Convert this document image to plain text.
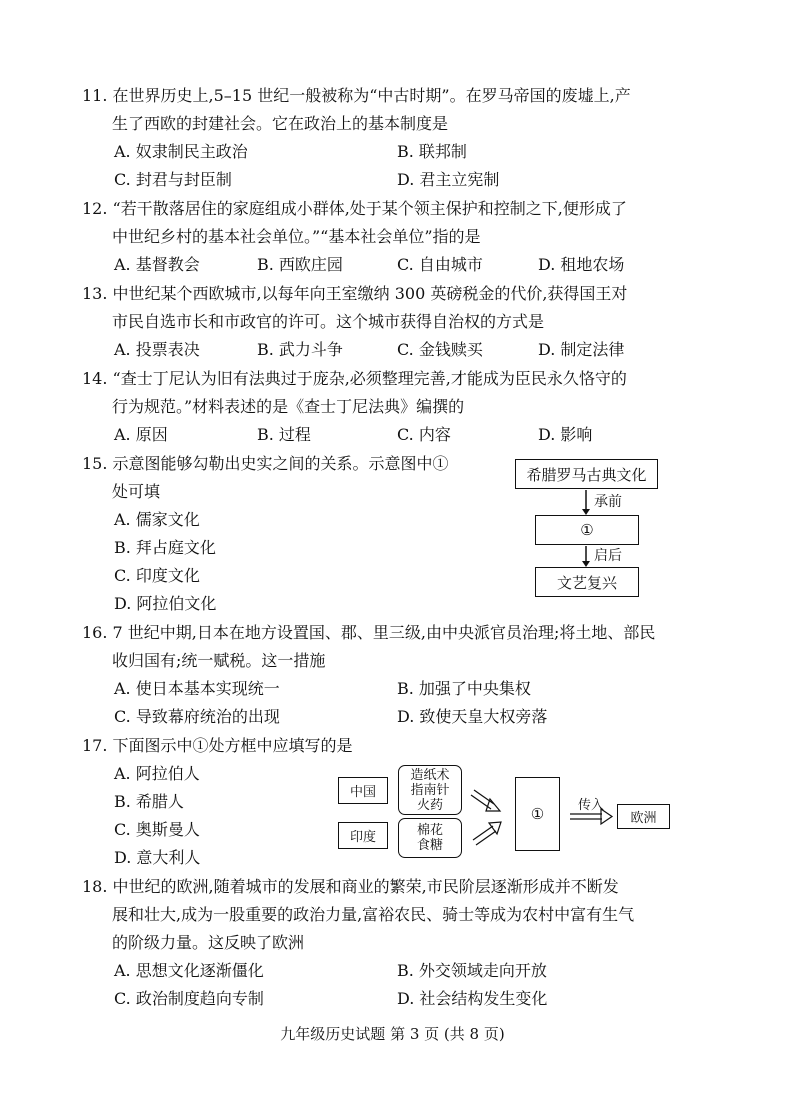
11. 在世界历史上,5–15 世纪一般被称为“中古时期”。在罗马帝国的废墟上,产
生了西欧的封建社会。它在政治上的基本制度是
A. 奴隶制民主政治	B. 联邦制
C. 封君与封臣制	D. 君主立宪制
12. “若干散落居住的家庭组成小群体,处于某个领主保护和控制之下,便形成了
中世纪乡村的基本社会单位。”“基本社会单位”指的是
A. 基督教会	B. 西欧庄园	C. 自由城市	D. 租地农场
13. 中世纪某个西欧城市,以每年向王室缴纳 300 英磅税金的代价,获得国王对
市民自选市长和市政官的许可。这个城市获得自治权的方式是
A. 投票表决	B. 武力斗争	C. 金钱赎买	D. 制定法律
14. “查士丁尼认为旧有法典过于庞杂,必须整理完善,才能成为臣民永久恪守的
行为规范。”材料表述的是《查士丁尼法典》编撰的
A. 原因	B. 过程	C. 内容	D. 影响
15. 示意图能够勾勒出史实之间的关系。示意图中①
处可填
A. 儒家文化
B. 拜占庭文化
C. 印度文化
D. 阿拉伯文化
希腊罗马古典文化
①
文艺复兴
承前
启后
16. 7 世纪中期,日本在地方设置国、郡、里三级,由中央派官员治理;将土地、部民
收归国有;统一赋税。这一措施
A. 使日本基本实现统一	B. 加强了中央集权
C. 导致幕府统治的出现	D. 致使天皇大权旁落
17. 下面图示中①处方框中应填写的是
A. 阿拉伯人
B. 希腊人
C. 奥斯曼人
D. 意大利人
中国
造纸术
指南针
火药
印度	棉花
食糖
①	传入
欧洲
18. 中世纪的欧洲,随着城市的发展和商业的繁荣,市民阶层逐渐形成并不断发
展和壮大,成为一股重要的政治力量,富裕农民、骑士等成为农村中富有生气
的阶级力量。这反映了欧洲
A. 思想文化逐渐僵化	B. 外交领域走向开放
C. 政治制度趋向专制	D. 社会结构发生变化
九年级历史试题 第 3 页 (共 8 页)
